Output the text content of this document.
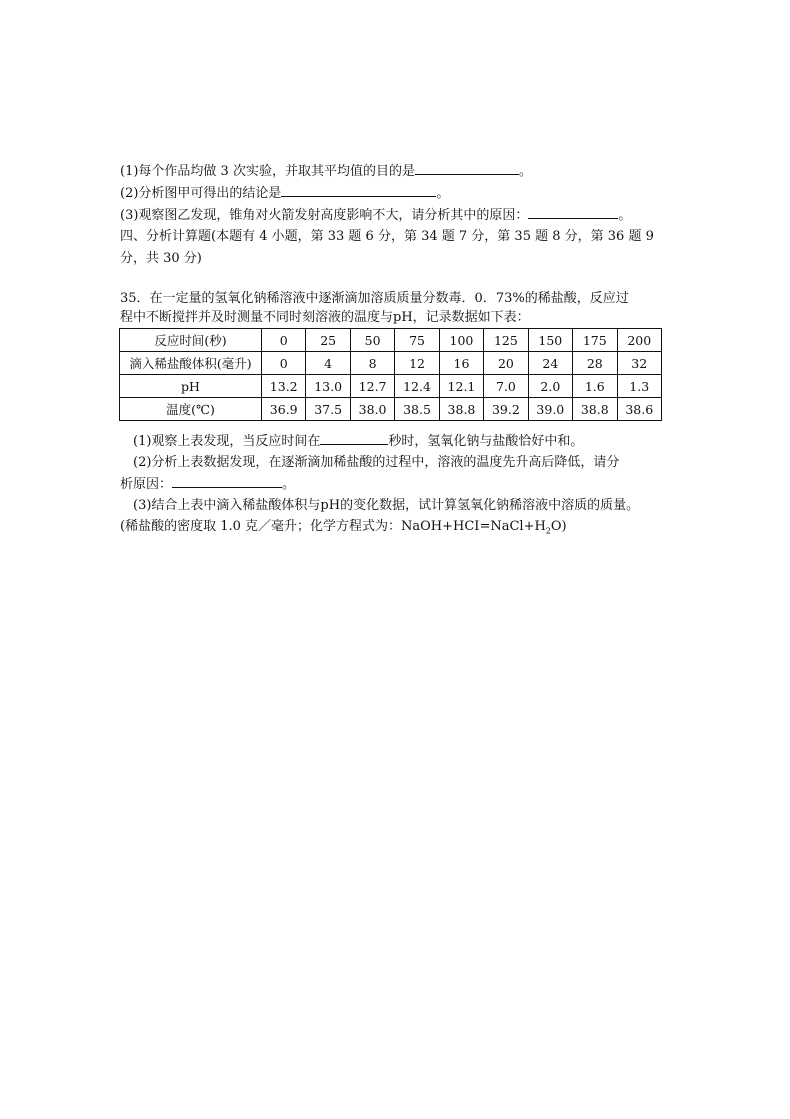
(1)每个作品均做 3 次实验，并取其平均值的目的是	。
(2)分析图甲可得出的结论是	。
(3)观察图乙发现，锥角对火箭发射高度影响不大，请分析其中的原因：	。
四、分析计算题(本题有 4 小题，第 33 题 6 分，第 34 题 7 分，第 35 题 8 分，第 36 题 9
分，共 30 分)
35．在一定量的氢氧化钠稀溶液中逐渐滴加溶质质量分数毒．0．73%的稀盐酸，反应过
程中不断搅拌并及时测量不同时刻溶液的温度与pH，记录数据如下表：
反应时间(秒)	0	25	50	75	100	125	150	175	200
滴入稀盐酸体积(毫升)	0	4	8	12	16	20	24	28	32
pH	13.2	13.0	12.7	12.4	12.1	7.0	2.0	1.6	1.3
温度(℃)	36.9	37.5	38.0	38.5	38.8	39.2	39.0	38.8	38.6
(1)观察上表发现，当反应时间在	秒时，氢氧化钠与盐酸恰好中和。
(2)分析上表数据发现，在逐渐滴加稀盐酸的过程中，溶液的温度先升高后降低，请分
析原因：	。
(3)结合上表中滴入稀盐酸体积与pH的变化数据，试计算氢氧化钠稀溶液中溶质的质量。
(稀盐酸的密度取 1.0 克／毫升；化学方程式为：$NaOH+HCI=NaCl+H_2O$)
